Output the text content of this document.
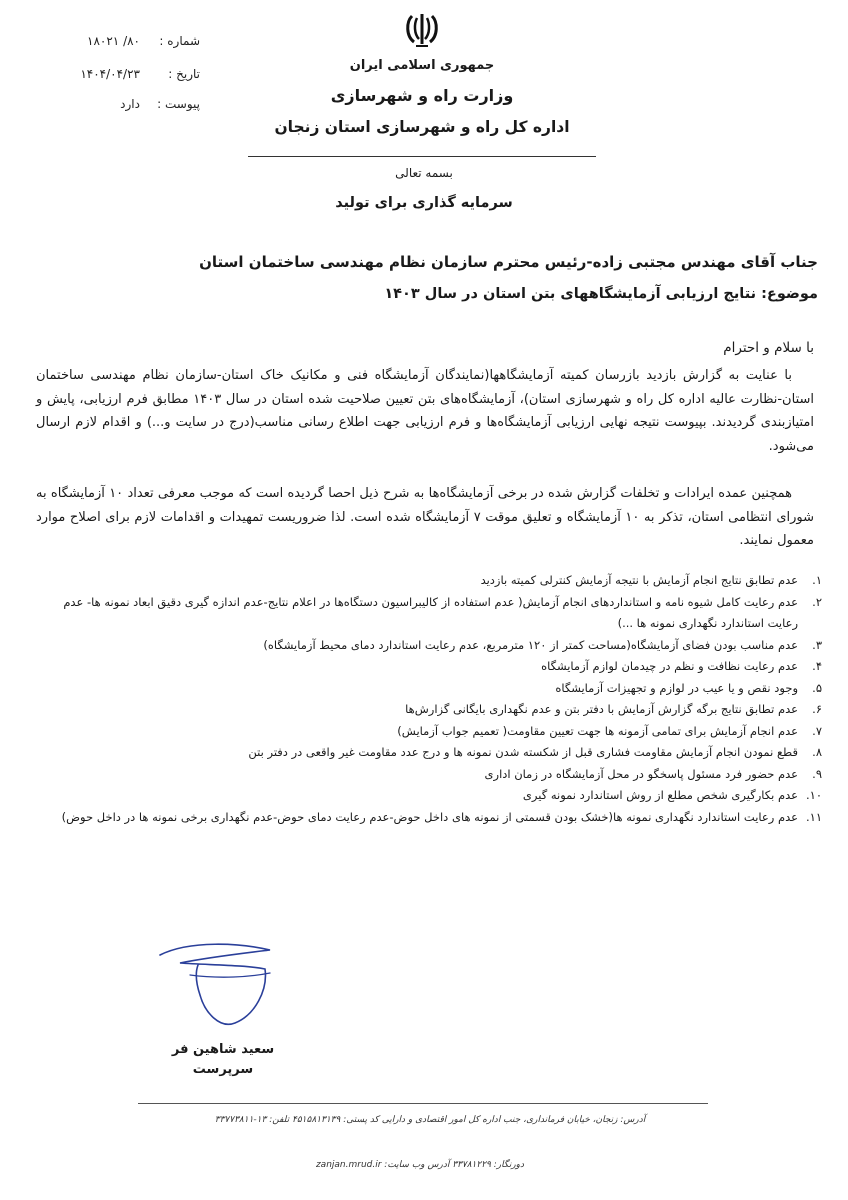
جمهوری اسلامی ایران
وزارت راه و شهرسازی
اداره کل راه و شهرسازی استان زنجان
شماره :
۸۰/ ۱۸۰۲۱
تاریخ :
۱۴۰۴/۰۴/۲۳
پیوست :
دارد
بسمه تعالی
سرمایه گذاری برای تولید
جناب آقای مهندس مجتبی زاده-رئیس محترم سازمان نظام مهندسی ساختمان استان
موضوع: نتایج ارزیابی آزمایشگاههای بتن استان در سال ۱۴۰۳
با سلام و احترام
با عنایت به گزارش بازدید بازرسان کمیته آزمایشگاهها(نمایندگان آزمایشگاه فنی و مکانیک خاک استان-سازمان نظام مهندسی ساختمان استان-نظارت عالیه اداره کل راه و شهرسازی استان)، آزمایشگاه‌های بتن تعیین صلاحیت شده استان در سال ۱۴۰۳ مطابق فرم ارزیابی، پایش و امتیازبندی گردیدند. بپیوست نتیجه نهایی ارزیابی آزمایشگاه‌ها و فرم ارزیابی جهت اطلاع رسانی مناسب(درج در سایت و...) و اقدام لازم ارسال می‌شود.
همچنین عمده ایرادات و تخلفات گزارش شده در برخی آزمایشگاه‌ها به شرح ذیل احصا گردیده است که موجب معرفی تعداد ۱۰ آزمایشگاه به شورای انتظامی استان، تذکر به ۱۰ آزمایشگاه و تعلیق موقت ۷ آزمایشگاه شده است. لذا ضروریست تمهیدات و اقدامات لازم برای اصلاح موارد معمول نمایند.
۱.
عدم تطابق نتایج انجام آزمایش با نتیجه آزمایش کنترلی کمیته بازدید
۲.
عدم رعایت کامل شیوه نامه و استانداردهای انجام آزمایش( عدم استفاده از کالیبراسیون دستگاه‌ها در اعلام نتایج-عدم اندازه گیری دقیق ابعاد نمونه ها- عدم رعایت استاندارد نگهداری نمونه ها ...)
۳.
عدم مناسب بودن فضای آزمایشگاه(مساحت کمتر از ۱۲۰ مترمربع، عدم رعایت استاندارد دمای محیط آزمایشگاه)
۴.
عدم رعایت نظافت و نظم در چیدمان لوازم آزمایشگاه
۵.
وجود نقص و یا عیب در لوازم و تجهیزات آزمایشگاه
۶.
عدم تطابق نتایج برگه گزارش آزمایش با دفتر بتن و عدم نگهداری بایگانی گزارش‌ها
۷.
عدم انجام آزمایش برای تمامی آزمونه ها جهت تعیین مقاومت( تعمیم جواب آزمایش)
۸.
قطع نمودن انجام آزمایش مقاومت فشاری قبل از شکسته شدن نمونه ها و درج عدد مقاومت غیر واقعی در دفتر بتن
۹.
عدم حضور فرد مسئول پاسخگو در محل آزمایشگاه در زمان اداری
۱۰.
عدم بکارگیری شخص مطلع از روش استاندارد نمونه گیری
۱۱.
عدم رعایت استاندارد نگهداری نمونه ها(خشک بودن قسمتی از نمونه های داخل حوض-عدم رعایت دمای حوض-عدم نگهداری برخی نمونه ها در داخل حوض)
سعید شاهین فر
سرپرست
آدرس: زنجان، خیابان فرمانداری، جنب اداره کل امور اقتصادی و دارایی کد پستی: ۴۵۱۵۸۱۳۱۳۹ تلفن: ۱۳-۳۳۷۷۳۸۱۱
دورنگار: ۳۳۷۸۱۲۲۹ آدرس وب سایت: zanjan.mrud.ir
